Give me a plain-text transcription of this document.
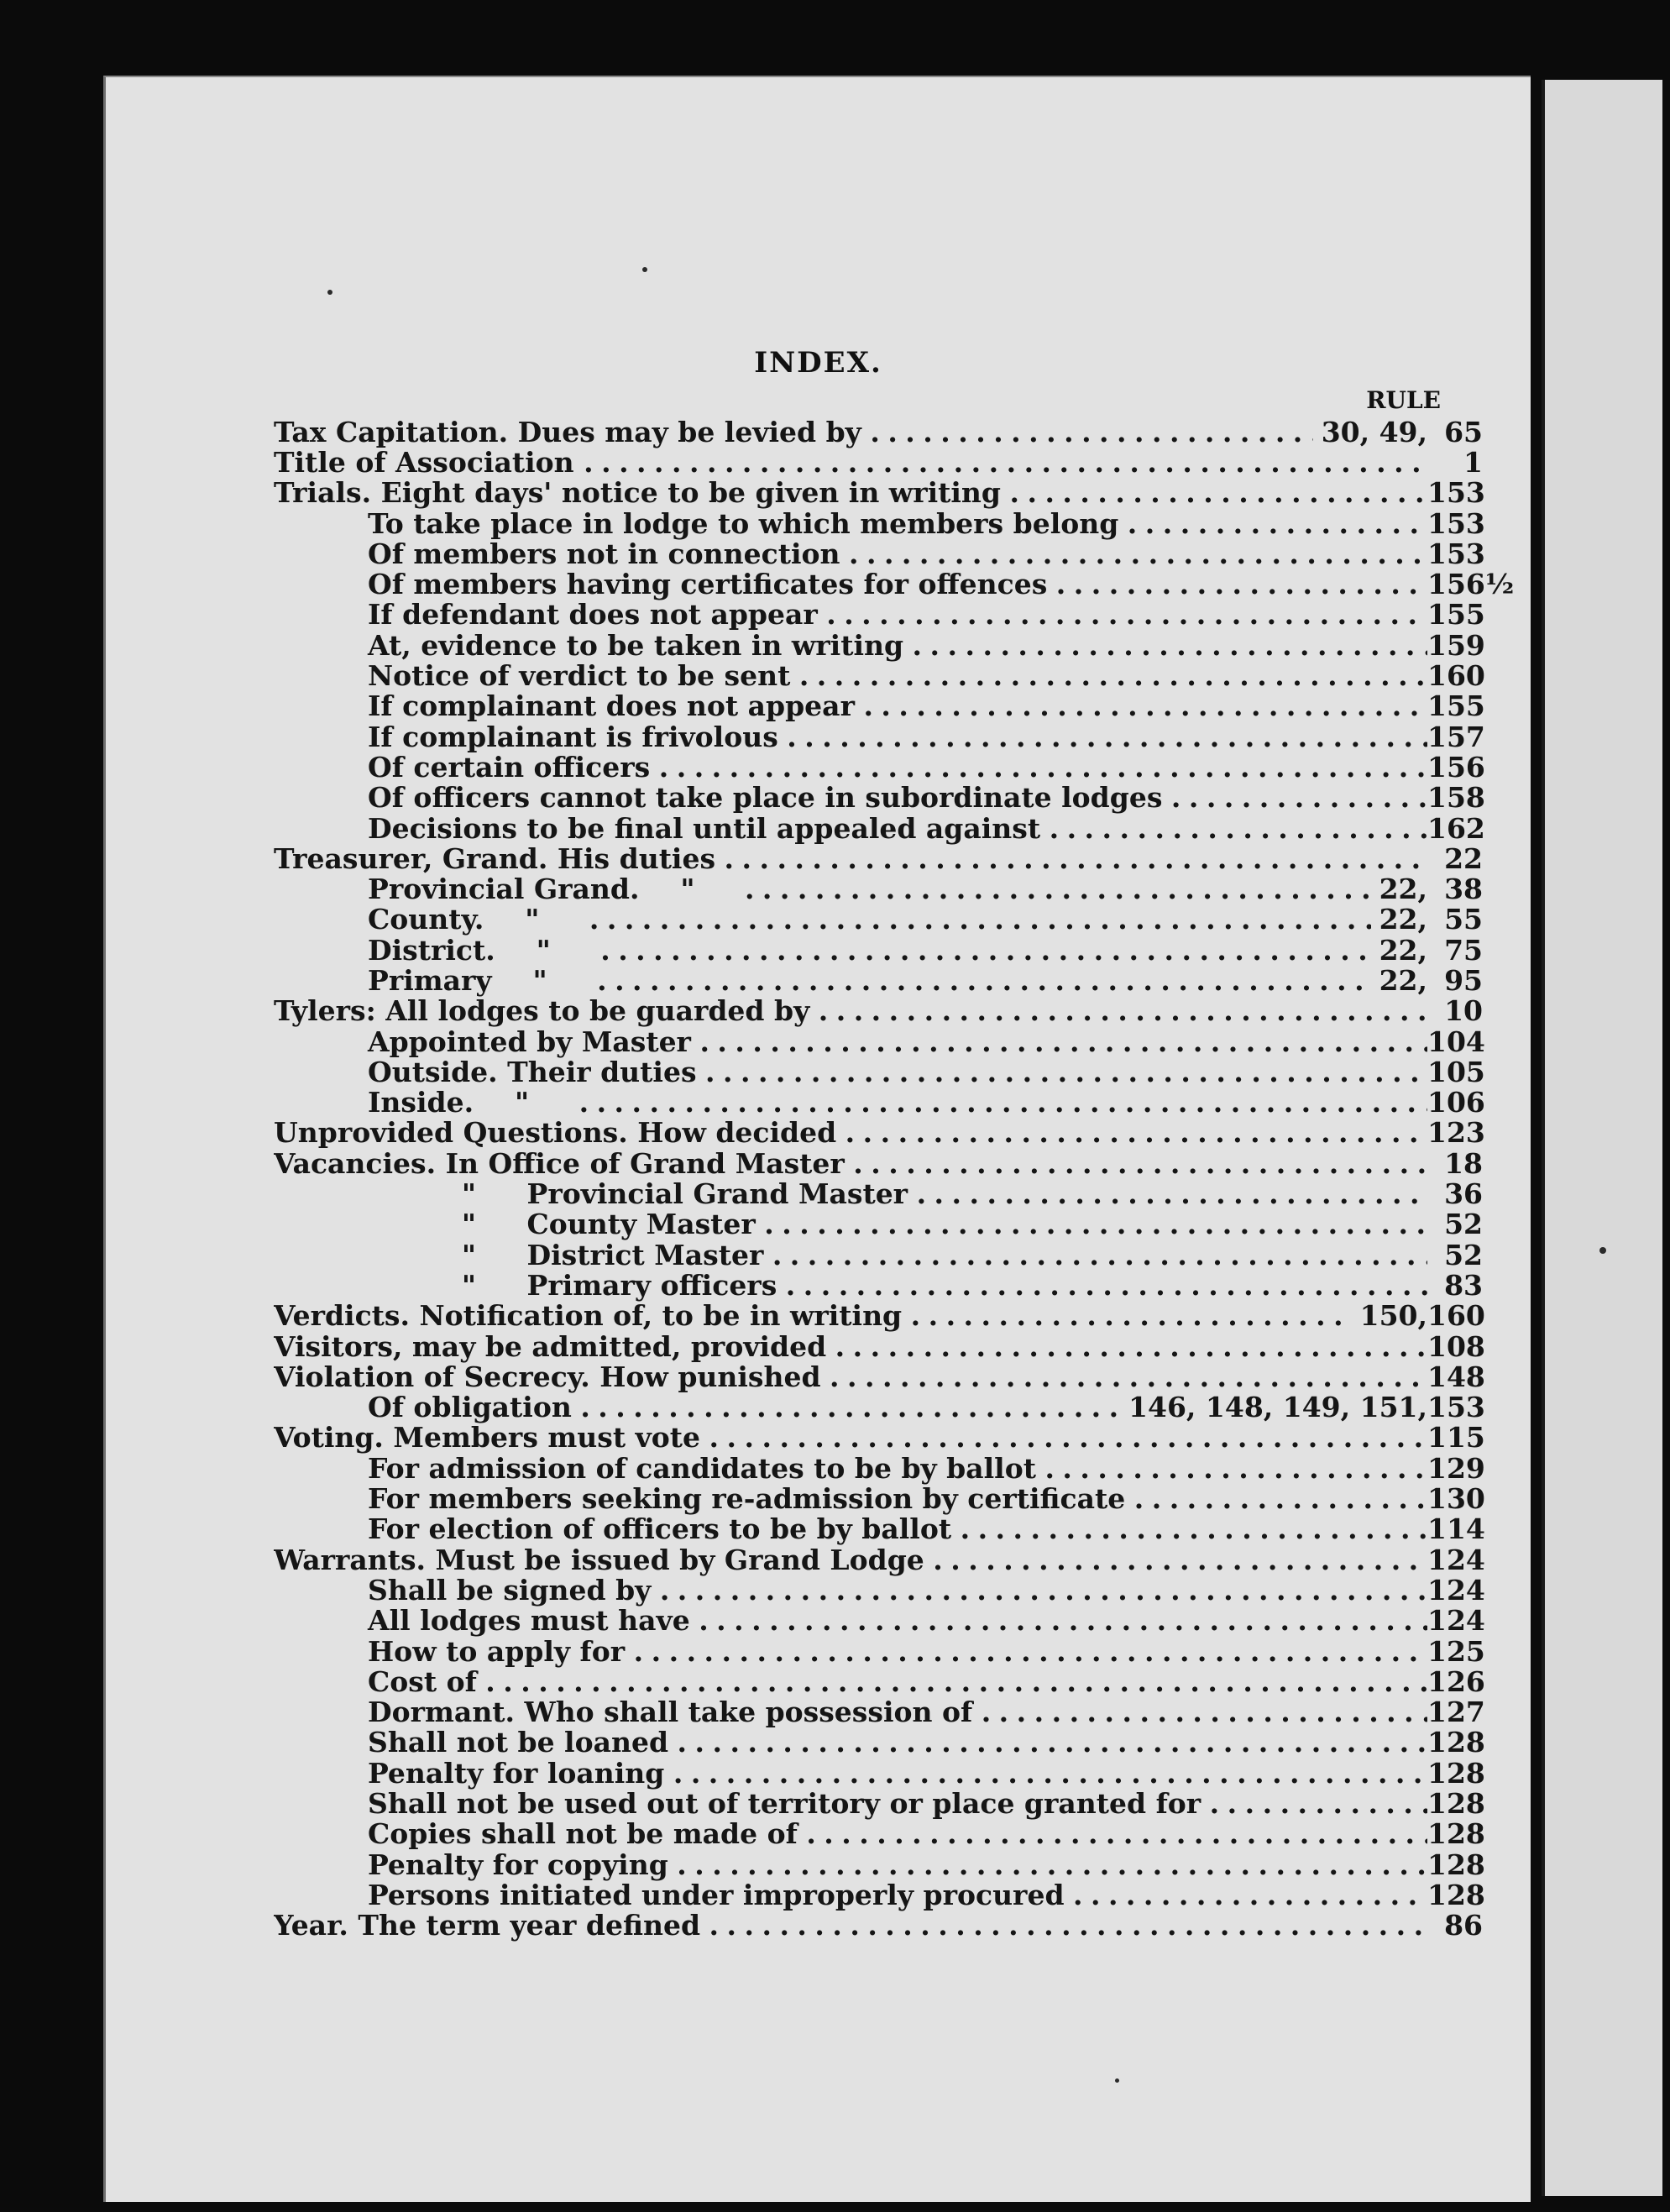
INDEX.
RULE
Tax Capitation. Dues may be levied by . . .	30, 49, 65
Title of Association . . .	1
Trials. Eight days' notice to be given in writing . . .	153
To take place in lodge to which members belong . . .	153
Of members not in connection . . .	153
Of members having certificates for offences . . .	156½
If defendant does not appear . . .	155
At, evidence to be taken in writing . . .	159
Notice of verdict to be sent . . .	160
If complainant does not appear . . .	155
If complainant is frivolous . . .	157
Of certain officers . . .	156
Of officers cannot take place in subordinate lodges . . .	158
Decisions to be final until appealed against . . .	162
Treasurer, Grand. His duties . . .	22
Provincial Grand. " . . .	22, 38
County. " . . .	22, 55
District. " . . .	22, 75
Primary " . . .	22, 95
Tylers: All lodges to be guarded by . . .	10
Appointed by Master . . .	104
Outside. Their duties . . .	105
Inside. " . . .	106
Unprovided Questions. How decided . . .	123
Vacancies. In Office of Grand Master . . .	18
" Provincial Grand Master . . .	36
" County Master . . .	52
" District Master . . .	52
" Primary officers . . .	83
Verdicts. Notification of, to be in writing . . .	150, 160
Visitors, may be admitted, provided . . .	108
Violation of Secrecy. How punished . . .	148
Of obligation . . .	146, 148, 149, 151, 153
Voting. Members must vote . . .	115
For admission of candidates to be by ballot . . .	129
For members seeking re-admission by certificate . . .	130
For election of officers to be by ballot . . .	114
Warrants. Must be issued by Grand Lodge . . .	124
Shall be signed by . . .	124
All lodges must have . . .	124
How to apply for . . .	125
Cost of . . .	126
Dormant. Who shall take possession of . . .	127
Shall not be loaned . . .	128
Penalty for loaning . . .	128
Shall not be used out of territory or place granted for . . .	128
Copies shall not be made of . . .	128
Penalty for copying . . .	128
Persons initiated under improperly procured . . .	128
Year. The term year defined . . .	86
